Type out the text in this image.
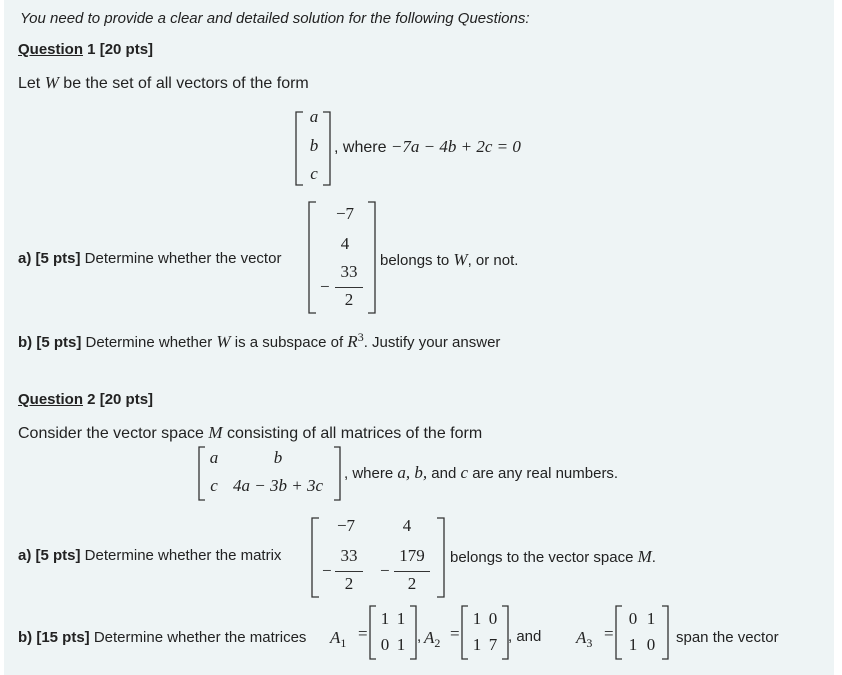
You need to provide a clear and detailed solution for the following Questions:
Question 1 [20 pts]
Let W be the set of all vectors of the form
a
b
c
, where −7a − 4b + 2c = 0
a) [5 pts] Determine whether the vector
−7
4
−
33
2
belongs to W, or not.
b) [5 pts] Determine whether W is a subspace of $R^3$. Justify your answer
Question 2 [20 pts]
Consider the vector space M consisting of all matrices of the form
a	b
c 4a − 3b + 3c
, where a, b, and c are any real numbers.
a) [5 pts] Determine whether the matrix
−7	4
−
33
2
−
179
2
belongs to the vector space M.
b) [15 pts] Determine whether the matrices $A_1$
=
1 1
0 1 , $A_2$
=
1 0
1 7 , and $A_3$
=
0 1
1 0 span the vector
